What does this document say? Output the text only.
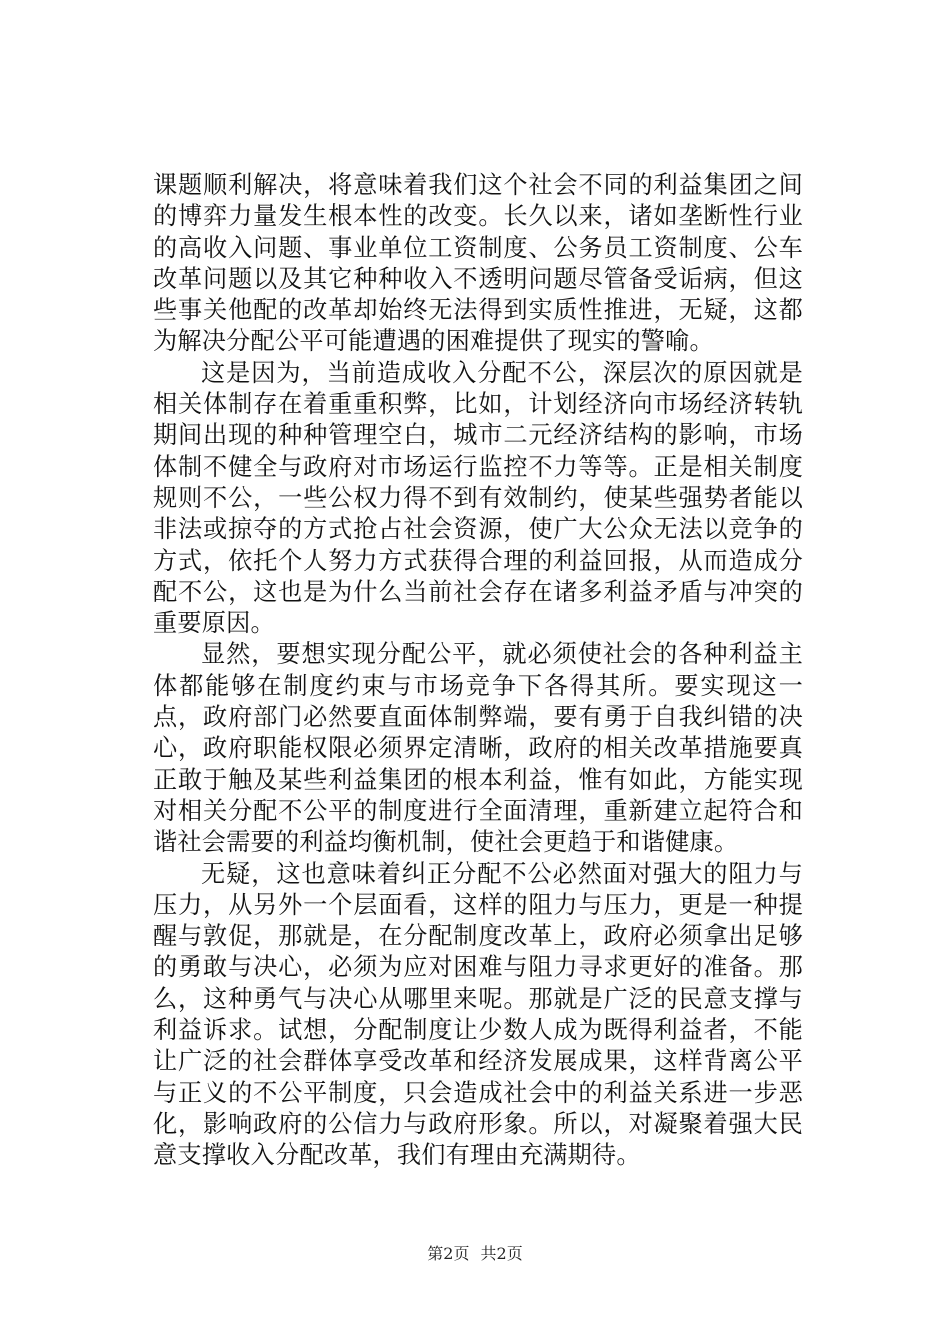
课题顺利解决，将意味着我们这个社会不同的利益集团之间的博弈力量发生根本性的改变。长久以来，诸如垄断性行业的高收入问题、事业单位工资制度、公务员工资制度、公车改革问题以及其它种种收入不透明问题尽管备受诟病，但这些事关他配的改革却始终无法得到实质性推进，无疑，这都为解决分配公平可能遭遇的困难提供了现实的警喻。

这是因为，当前造成收入分配不公，深层次的原因就是相关体制存在着重重积弊，比如，计划经济向市场经济转轨期间出现的种种管理空白，城市二元经济结构的影响，市场体制不健全与政府对市场运行监控不力等等。正是相关制度规则不公，一些公权力得不到有效制约，使某些强势者能以非法或掠夺的方式抢占社会资源，使广大公众无法以竞争的方式，依托个人努力方式获得合理的利益回报，从而造成分配不公，这也是为什么当前社会存在诸多利益矛盾与冲突的重要原因。

显然，要想实现分配公平，就必须使社会的各种利益主体都能够在制度约束与市场竞争下各得其所。要实现这一点，政府部门必然要直面体制弊端，要有勇于自我纠错的决心，政府职能权限必须界定清晰，政府的相关改革措施要真正敢于触及某些利益集团的根本利益，惟有如此，方能实现对相关分配不公平的制度进行全面清理，重新建立起符合和谐社会需要的利益均衡机制，使社会更趋于和谐健康。

无疑，这也意味着纠正分配不公必然面对强大的阻力与压力，从另外一个层面看，这样的阻力与压力，更是一种提醒与敦促，那就是，在分配制度改革上，政府必须拿出足够的勇敢与决心，必须为应对困难与阻力寻求更好的准备。那么，这种勇气与决心从哪里来呢。那就是广泛的民意支撑与利益诉求。试想，分配制度让少数人成为既得利益者，不能让广泛的社会群体享受改革和经济发展成果，这样背离公平与正义的不公平制度，只会造成社会中的利益关系进一步恶化，影响政府的公信力与政府形象。所以，对凝聚着强大民意支撑收入分配改革，我们有理由充满期待。

第2页 共2页
